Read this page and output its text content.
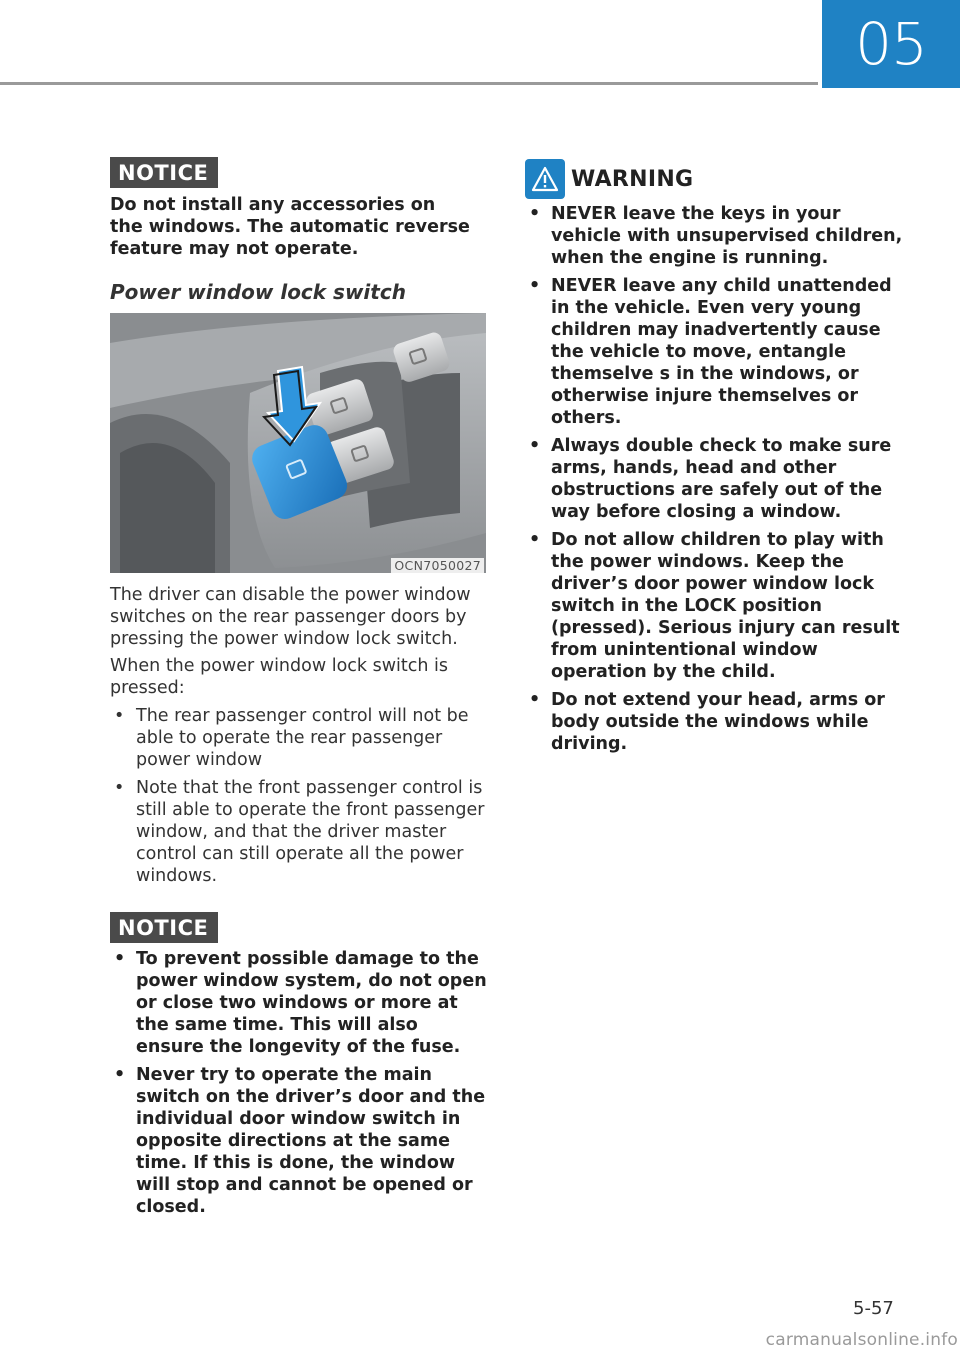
05
NOTICE
Do not install any accessories on the windows. The automatic reverse feature may not operate.
Power window lock switch
OCN7050027
The driver can disable the power window switches on the rear passenger doors by pressing the power window lock switch.
When the power window lock switch is pressed:
• The rear passenger control will not be able to operate the rear passenger power window
• Note that the front passenger control is still able to operate the front passenger window, and that the driver master control can still operate all the power windows.
NOTICE
• To prevent possible damage to the power window system, do not open or close two windows or more at the same time. This will also ensure the longevity of the fuse.
• Never try to operate the main switch on the driver’s door and the individual door window switch in opposite directions at the same time. If this is done, the window will stop and cannot be opened or closed.
WARNING
• NEVER leave the keys in your vehicle with unsupervised children, when the engine is running.
• NEVER leave any child unattended in the vehicle. Even very young children may inadvertently cause the vehicle to move, entangle themselve s in the windows, or otherwise injure themselves or others.
• Always double check to make sure arms, hands, head and other obstructions are safely out of the way before closing a window.
• Do not allow children to play with the power windows. Keep the driver’s door power window lock switch in the LOCK position (pressed). Serious injury can result from unintentional window operation by the child.
• Do not extend your head, arms or body outside the windows while driving.
5-57
carmanualsonline.info
